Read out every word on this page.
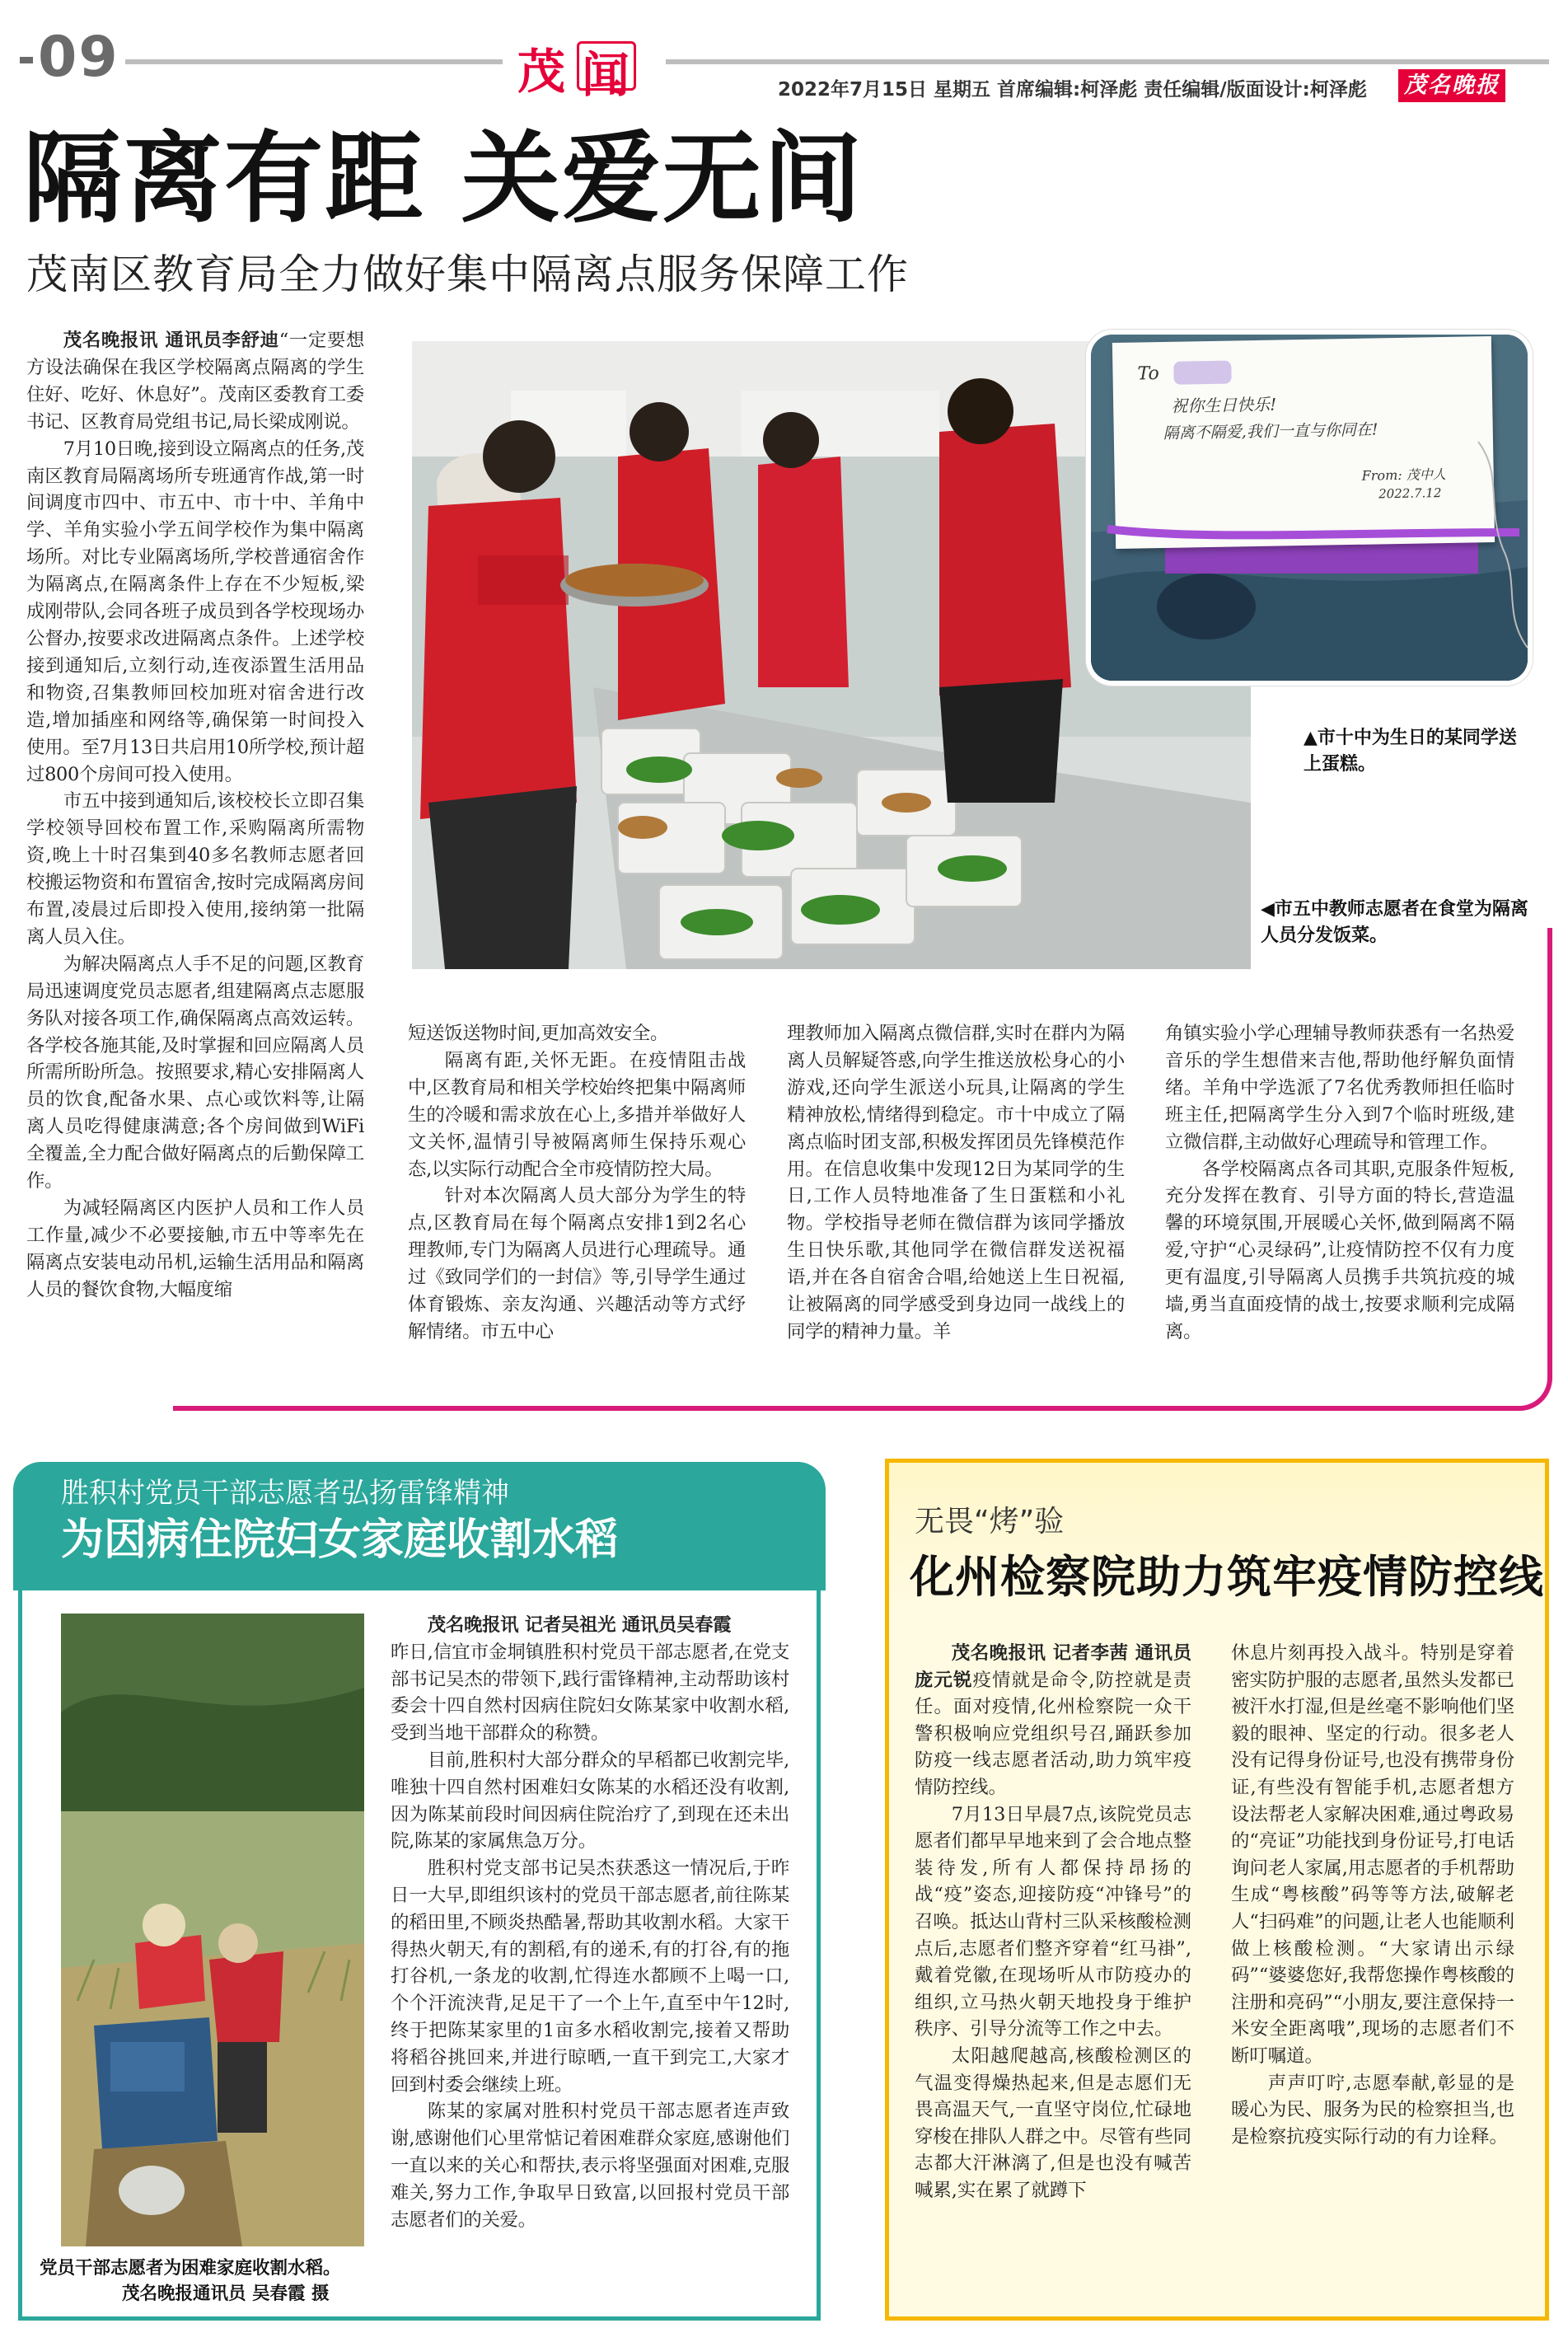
09	茂 闻	2022年7月15日 星期五 首席编辑:柯泽彪 责任编辑/版面设计:柯泽彪 茂名晚报
隔离有距 关爱无间
茂南区教育局全力做好集中隔离点服务保障工作

茂名晚报讯 通讯员李舒迪“一定要想方设法确保在我区学校隔离点隔离的学生住好、吃好、休息好”。茂南区委教育工委书记、区教育局党组书记,局长梁成刚说。

7月10日晚,接到设立隔离点的任务,茂南区教育局隔离场所专班通宵作战,第一时间调度市四中、市五中、市十中、羊角中学、羊角实验小学五间学校作为集中隔离场所。对比专业隔离场所,学校普通宿舍作为隔离点,在隔离条件上存在不少短板,梁成刚带队,会同各班子成员到各学校现场办公督办,按要求改进隔离点条件。上述学校接到通知后,立刻行动,连夜添置生活用品和物资,召集教师回校加班对宿舍进行改造,增加插座和网络等,确保第一时间投入使用。至7月13日共启用10所学校,预计超过800个房间可投入使用。

市五中接到通知后,该校校长立即召集学校领导回校布置工作,采购隔离所需物资,晚上十时召集到40多名教师志愿者回校搬运物资和布置宿舍,按时完成隔离房间布置,凌晨过后即投入使用,接纳第一批隔离人员入住。

为解决隔离点人手不足的问题,区教育局迅速调度党员志愿者,组建隔离点志愿服务队对接各项工作,确保隔离点高效运转。各学校各施其能,及时掌握和回应隔离人员所需所盼所急。按照要求,精心安排隔离人员的饮食,配备水果、点心或饮料等,让隔离人员吃得健康满意;各个房间做到WiFi全覆盖,全力配合做好隔离点的后勤保障工作。

为减轻隔离区内医护人员和工作人员工作量,减少不必要接触,市五中等率先在隔离点安装电动吊机,运输生活用品和隔离人员的餐饮食物,大幅度缩

To
祝你生日快乐!
隔离不隔爱,我们一直与你同在!
From: 茂中人
2022.7.12
▲市十中为生日的某同学送上蛋糕。
◀市五中教师志愿者在食堂为隔离人员分发饭菜。

短送饭送物时间,更加高效安全。

隔离有距,关怀无距。在疫情阻击战中,区教育局和相关学校始终把集中隔离师生的冷暖和需求放在心上,多措并举做好人文关怀,温情引导被隔离师生保持乐观心态,以实际行动配合全市疫情防控大局。

针对本次隔离人员大部分为学生的特点,区教育局在每个隔离点安排1到2名心理教师,专门为隔离人员进行心理疏导。通过《致同学们的一封信》等,引导学生通过体育锻炼、亲友沟通、兴趣活动等方式纾解情绪。市五中心

理教师加入隔离点微信群,实时在群内为隔离人员解疑答惑,向学生推送放松身心的小游戏,还向学生派送小玩具,让隔离的学生精神放松,情绪得到稳定。市十中成立了隔离点临时团支部,积极发挥团员先锋模范作用。在信息收集中发现12日为某同学的生日,工作人员特地准备了生日蛋糕和小礼物。学校指导老师在微信群为该同学播放生日快乐歌,其他同学在微信群发送祝福语,并在各自宿舍合唱,给她送上生日祝福,让被隔离的同学感受到身边同一战线上的同学的精神力量。羊

角镇实验小学心理辅导教师获悉有一名热爱音乐的学生想借来吉他,帮助他纾解负面情绪。羊角中学选派了7名优秀教师担任临时班主任,把隔离学生分入到7个临时班级,建立微信群,主动做好心理疏导和管理工作。

各学校隔离点各司其职,克服条件短板,充分发挥在教育、引导方面的特长,营造温馨的环境氛围,开展暖心关怀,做到隔离不隔爱,守护“心灵绿码”,让疫情防控不仅有力度更有温度,引导隔离人员携手共筑抗疫的城墙,勇当直面疫情的战士,按要求顺利完成隔离。

胜积村党员干部志愿者弘扬雷锋精神
为因病住院妇女家庭收割水稻
党员干部志愿者为困难家庭收割水稻。
茂名晚报通讯员 吴春霞 摄

茂名晚报讯 记者吴祖光 通讯员吴春霞

昨日,信宜市金垌镇胜积村党员干部志愿者,在党支部书记吴杰的带领下,践行雷锋精神,主动帮助该村委会十四自然村因病住院妇女陈某家中收割水稻,受到当地干部群众的称赞。

目前,胜积村大部分群众的早稻都已收割完毕,唯独十四自然村困难妇女陈某的水稻还没有收割,因为陈某前段时间因病住院治疗了,到现在还未出院,陈某的家属焦急万分。

胜积村党支部书记吴杰获悉这一情况后,于昨日一大早,即组织该村的党员干部志愿者,前往陈某的稻田里,不顾炎热酷暑,帮助其收割水稻。大家干得热火朝天,有的割稻,有的递禾,有的打谷,有的拖打谷机,一条龙的收割,忙得连水都顾不上喝一口,个个汗流浃背,足足干了一个上午,直至中午12时,终于把陈某家里的1亩多水稻收割完,接着又帮助将稻谷挑回来,并进行晾晒,一直干到完工,大家才回到村委会继续上班。

陈某的家属对胜积村党员干部志愿者连声致谢,感谢他们心里常惦记着困难群众家庭,感谢他们一直以来的关心和帮扶,表示将坚强面对困难,克服难关,努力工作,争取早日致富,以回报村党员干部志愿者们的关爱。

无畏“烤”验
化州检察院助力筑牢疫情防控线

茂名晚报讯 记者李茜 通讯员庞元锐疫情就是命令,防控就是责任。面对疫情,化州检察院一众干警积极响应党组织号召,踊跃参加防疫一线志愿者活动,助力筑牢疫情防控线。

7月13日早晨7点,该院党员志愿者们都早早地来到了会合地点整装待发,所有人都保持昂扬的战“疫”姿态,迎接防疫“冲锋号”的召唤。抵达山背村三队采核酸检测点后,志愿者们整齐穿着“红马褂”,戴着党徽,在现场听从市防疫办的组织,立马热火朝天地投身于维护秩序、引导分流等工作之中去。

太阳越爬越高,核酸检测区的气温变得燥热起来,但是志愿们无畏高温天气,一直坚守岗位,忙碌地穿梭在排队人群之中。尽管有些同志都大汗淋漓了,但是也没有喊苦喊累,实在累了就蹲下

休息片刻再投入战斗。特别是穿着密实防护服的志愿者,虽然头发都已被汗水打湿,但是丝毫不影响他们坚毅的眼神、坚定的行动。很多老人没有记得身份证号,也没有携带身份证,有些没有智能手机,志愿者想方设法帮老人家解决困难,通过粤政易的“亮证”功能找到身份证号,打电话询问老人家属,用志愿者的手机帮助生成“粤核酸”码等等方法,破解老人“扫码难”的问题,让老人也能顺利做上核酸检测。“大家请出示绿码”“婆婆您好,我帮您操作粤核酸的注册和亮码”“小朋友,要注意保持一米安全距离哦”,现场的志愿者们不断叮嘱道。

声声叮咛,志愿奉献,彰显的是暖心为民、服务为民的检察担当,也是检察抗疫实际行动的有力诠释。
